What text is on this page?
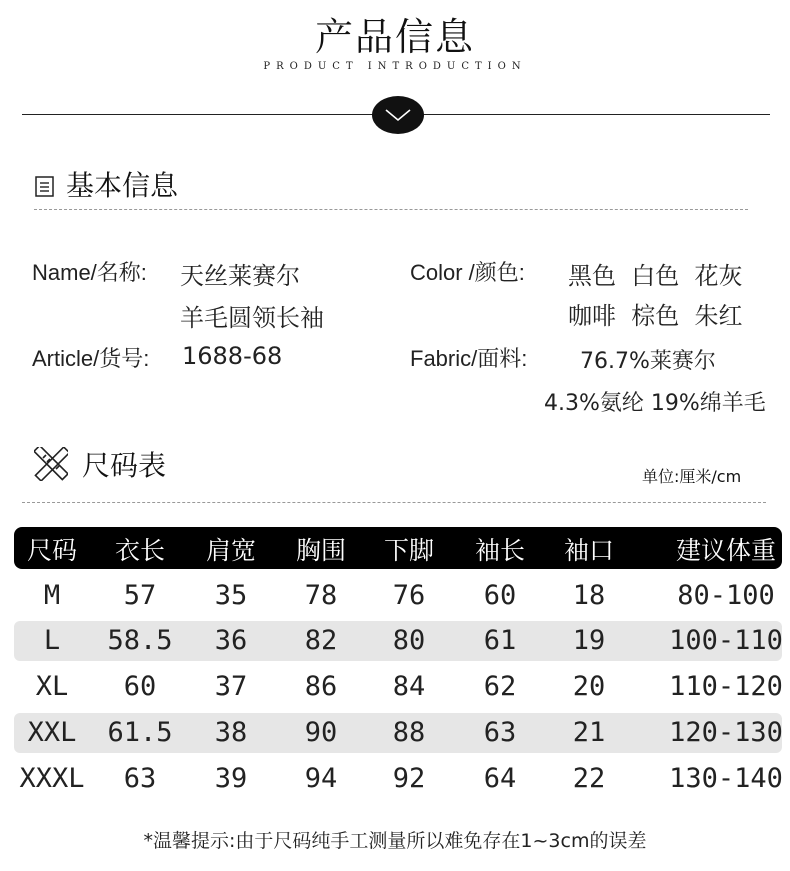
产品信息
PRODUCT INTRODUCTION
基本信息
Name/名称: 天丝莱赛尔
羊毛圆领长袖
Article/货号: 1688-68
Color /颜色: 黑色  白色  花灰
咖啡  棕色  朱红
Fabric/面料: 76.7%莱赛尔
4.3%氨纶 19%绵羊毛
尺码表	单位:厘米/cm
尺码 衣长 肩宽 胸围 下脚 袖长 袖口 建议体重
M 57 35 78 76 60 18	80-100
L 58.5 36 82 80 61 19 100-110
XL 60 37 86 84 62 20 110-120
XXL 61.5 38 90 88 63 21 120-130
XXXL 63 39 94 92 64 22 130-140
*温馨提示:由于尺码纯手工测量所以难免存在1~3cm的误差
